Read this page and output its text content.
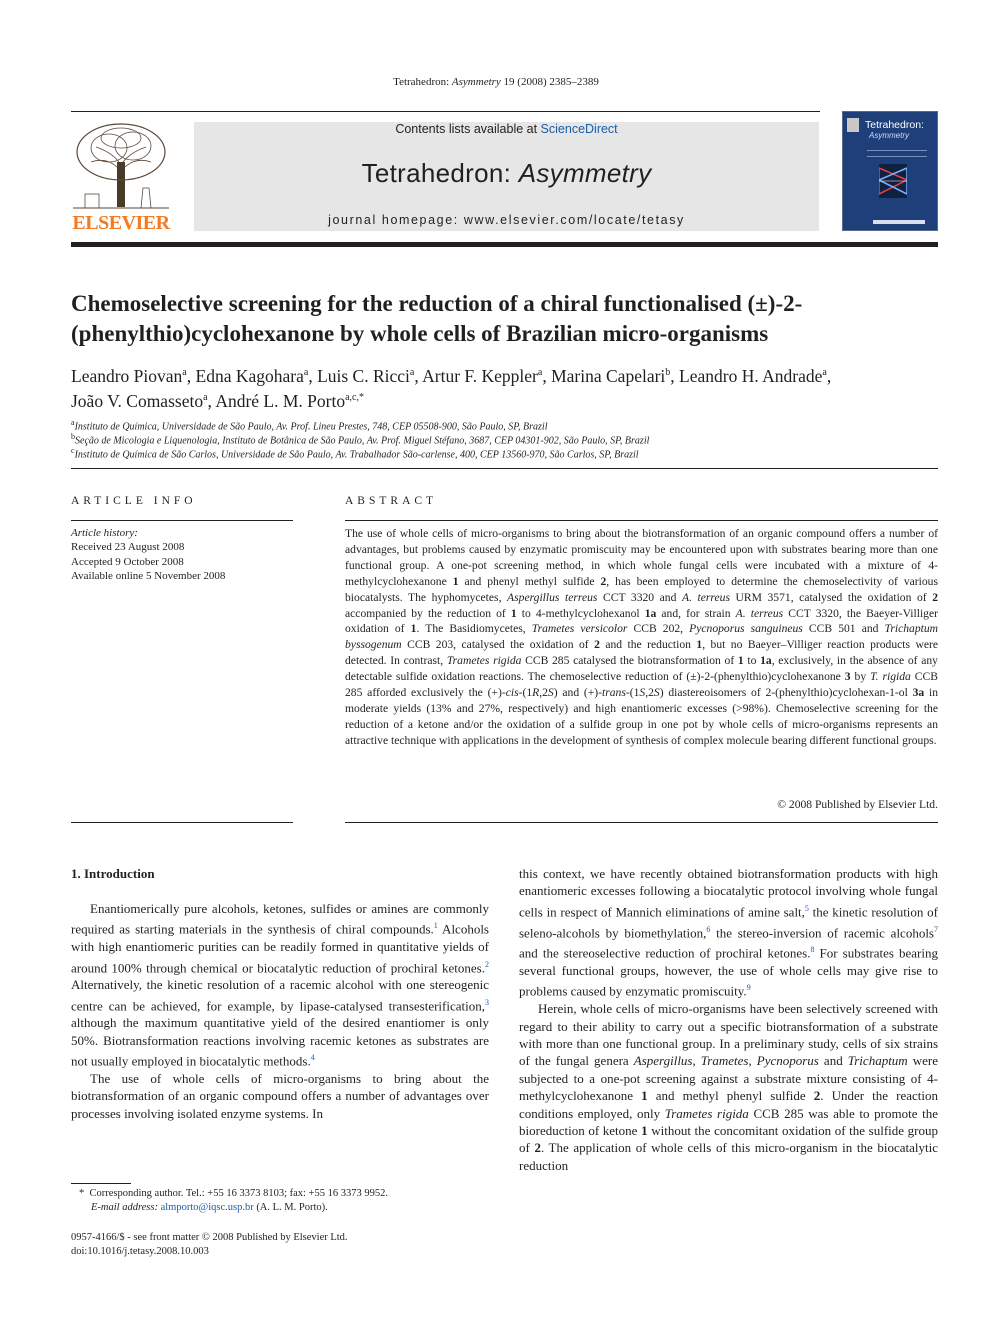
Tetrahedron: Asymmetry 19 (2008) 2385–2389
ELSEVIER
Contents lists available at ScienceDirect
Tetrahedron: Asymmetry
journal homepage: www.elsevier.com/locate/tetasy
Tetrahedron:
Asymmetry
Chemoselective screening for the reduction of a chiral functionalised (±)-2-(phenylthio)cyclohexanone by whole cells of Brazilian micro-organisms
Leandro Piovan$^a$, Edna Kagohara$^a$, Luis C. Ricci$^a$, Artur F. Keppler$^a$, Marina Capelari$^b$, Leandro H. Andrade$^a$,
João V. Comasseto$^a$, André L. M. Porto$^{a,c,*}$
$^a$Instituto de Química, Universidade de São Paulo, Av. Prof. Lineu Prestes, 748, CEP 05508-900, São Paulo, SP, Brazil
$^b$Seção de Micologia e Liquenologia, Instituto de Botânica de São Paulo, Av. Prof. Miguel Stéfano, 3687, CEP 04301-902, São Paulo, SP, Brazil
$^c$Instituto de Química de São Carlos, Universidade de São Paulo, Av. Trabalhador São-carlense, 400, CEP 13560-970, São Carlos, SP, Brazil
ARTICLE INFO
Article history:
Received 23 August 2008
Accepted 9 October 2008
Available online 5 November 2008
ABSTRACT
The use of whole cells of micro-organisms to bring about the biotransformation of an organic compound offers a number of advantages, but problems caused by enzymatic promiscuity may be encountered upon with substrates bearing more than one functional group. A one-pot screening method, in which whole fungal cells were incubated with a mixture of 4-methylcyclohexanone 1 and phenyl methyl sulfide 2, has been employed to determine the chemoselectivity of various biocatalysts. The hyphomycetes, Aspergillus terreus CCT 3320 and A. terreus URM 3571, catalysed the oxidation of 2 accompanied by the reduction of 1 to 4-methylcyclohexanol 1a and, for strain A. terreus CCT 3320, the Baeyer-Villiger oxidation of 1. The Basidiomycetes, Trametes versicolor CCB 202, Pycnoporus sanguineus CCB 501 and Trichaptum byssogenum CCB 203, catalysed the oxidation of 2 and the reduction 1, but no Baeyer–Villiger reaction products were detected. In contrast, Trametes rigida CCB 285 catalysed the biotransformation of 1 to 1a, exclusively, in the absence of any detectable sulfide oxidation reactions. The chemoselective reduction of (±)-2-(phenylthio)cyclohexanone 3 by T. rigida CCB 285 afforded exclusively the (+)-cis-(1R,2S) and (+)-trans-(1S,2S) diastereoisomers of 2-(phenylthio)cyclohexan-1-ol 3a in moderate yields (13% and 27%, respectively) and high enantiomeric excesses (>98%). Chemoselective screening for the reduction of a ketone and/or the oxidation of a sulfide group in one pot by whole cells of micro-organisms represents an attractive technique with applications in the development of synthesis of complex molecule bearing different functional groups.
© 2008 Published by Elsevier Ltd.
1. Introduction

Enantiomerically pure alcohols, ketones, sulfides or amines are commonly required as starting materials in the synthesis of chiral compounds.$^1$ Alcohols with high enantiomeric purities can be readily formed in quantitative yields of around 100% through chemical or biocatalytic reduction of prochiral ketones.$^2$ Alternatively, the kinetic resolution of a racemic alcohol with one stereogenic centre can be achieved, for example, by lipase-catalysed transesterification,$^3$ although the maximum quantitative yield of the desired enantiomer is only 50%. Biotransformation reactions involving racemic ketones as substrates are not usually employed in biocatalytic methods.$^4$

The use of whole cells of micro-organisms to bring about the biotransformation of an organic compound offers a number of advantages over processes involving isolated enzyme systems. In

this context, we have recently obtained biotransformation products with high enantiomeric excesses following a biocatalytic protocol involving whole fungal cells in respect of Mannich eliminations of amine salt,$^5$ the kinetic resolution of seleno-alcohols by biomethylation,$^6$ the stereo-inversion of racemic alcohols$^7$ and the stereoselective reduction of prochiral ketones.$^8$ For substrates bearing several functional groups, however, the use of whole cells may give rise to problems caused by enzymatic promiscuity.$^9$

Herein, whole cells of micro-organisms have been selectively screened with regard to their ability to carry out a specific biotransformation of a substrate with more than one functional group. In a preliminary study, cells of six strains of the fungal genera Aspergillus, Trametes, Pycnoporus and Trichaptum were subjected to a one-pot screening against a substrate mixture consisting of 4-methylcyclohexanone 1 and methyl phenyl sulfide 2. Under the reaction conditions employed, only Trametes rigida CCB 285 was able to promote the bioreduction of ketone 1 without the concomitant oxidation of the sulfide group of 2. The application of whole cells of this micro-organism in the biocatalytic reduction

* Corresponding author. Tel.: +55 16 3373 8103; fax: +55 16 3373 9952.
E-mail address: almporto@iqsc.usp.br (A. L. M. Porto).
0957-4166/$ - see front matter © 2008 Published by Elsevier Ltd.
doi:10.1016/j.tetasy.2008.10.003
